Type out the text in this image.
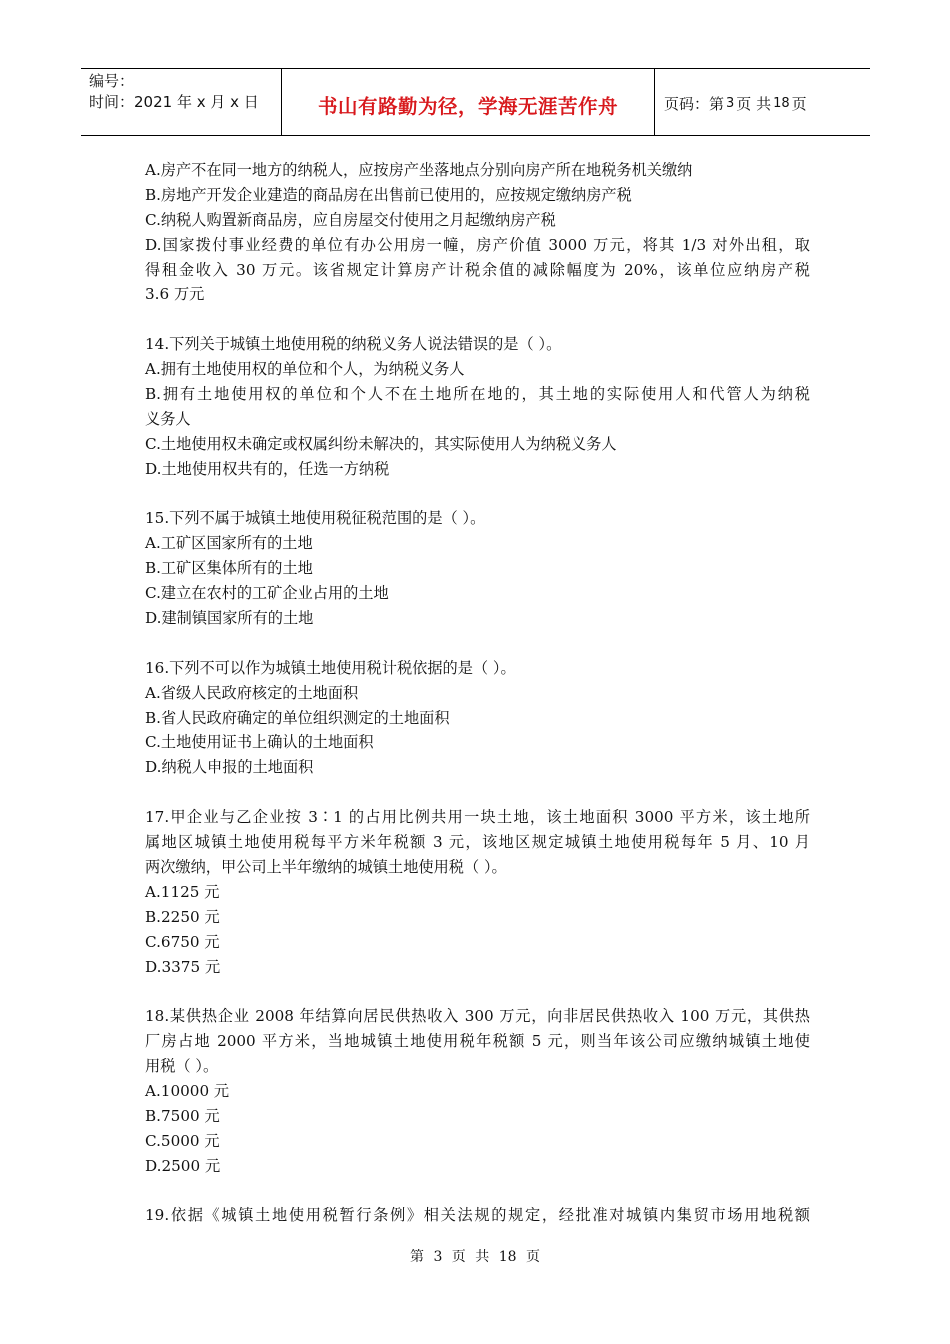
编号：
时间：2021 年 x 月 x 日	书山有路勤为径，学海无涯苦作舟	页码：第 3 页 共 18 页
A.房产不在同一地方的纳税人，应按房产坐落地点分别向房产所在地税务机关缴纳
B.房地产开发企业建造的商品房在出售前已使用的，应按规定缴纳房产税
C.纳税人购置新商品房，应自房屋交付使用之月起缴纳房产税
D.国家拨付事业经费的单位有办公用房一幢，房产价值 3000 万元，将其 1/3 对外出租，取
得租金收入 30 万元。该省规定计算房产计税余值的减除幅度为 20%，该单位应纳房产税
3.6 万元
14.下列关于城镇土地使用税的纳税义务人说法错误的是（ ）。
A.拥有土地使用权的单位和个人，为纳税义务人
B.拥有土地使用权的单位和个人不在土地所在地的，其土地的实际使用人和代管人为纳税
义务人
C.土地使用权未确定或权属纠纷未解决的，其实际使用人为纳税义务人
D.土地使用权共有的，任选一方纳税
15.下列不属于城镇土地使用税征税范围的是（ ）。
A.工矿区国家所有的土地
B.工矿区集体所有的土地
C.建立在农村的工矿企业占用的土地
D.建制镇国家所有的土地
16.下列不可以作为城镇土地使用税计税依据的是（ ）。
A.省级人民政府核定的土地面积
B.省人民政府确定的单位组织测定的土地面积
C.土地使用证书上确认的土地面积
D.纳税人申报的土地面积
17.甲企业与乙企业按 3∶1 的占用比例共用一块土地，该土地面积 3000 平方米，该土地所
属地区城镇土地使用税每平方米年税额 3 元，该地区规定城镇土地使用税每年 5 月、10 月
两次缴纳，甲公司上半年缴纳的城镇土地使用税（ ）。
A.1125 元
B.2250 元
C.6750 元
D.3375 元
18.某供热企业 2008 年结算向居民供热收入 300 万元，向非居民供热收入 100 万元，其供热
厂房占地 2000 平方米，当地城镇土地使用税年税额 5 元，则当年该公司应缴纳城镇土地使
用税（ ）。
A.10000 元
B.7500 元
C.5000 元
D.2500 元
19.依据《城镇土地使用税暂行条例》相关法规的规定，经批准对城镇内集贸市场用地税额
第 3 页 共 18 页
